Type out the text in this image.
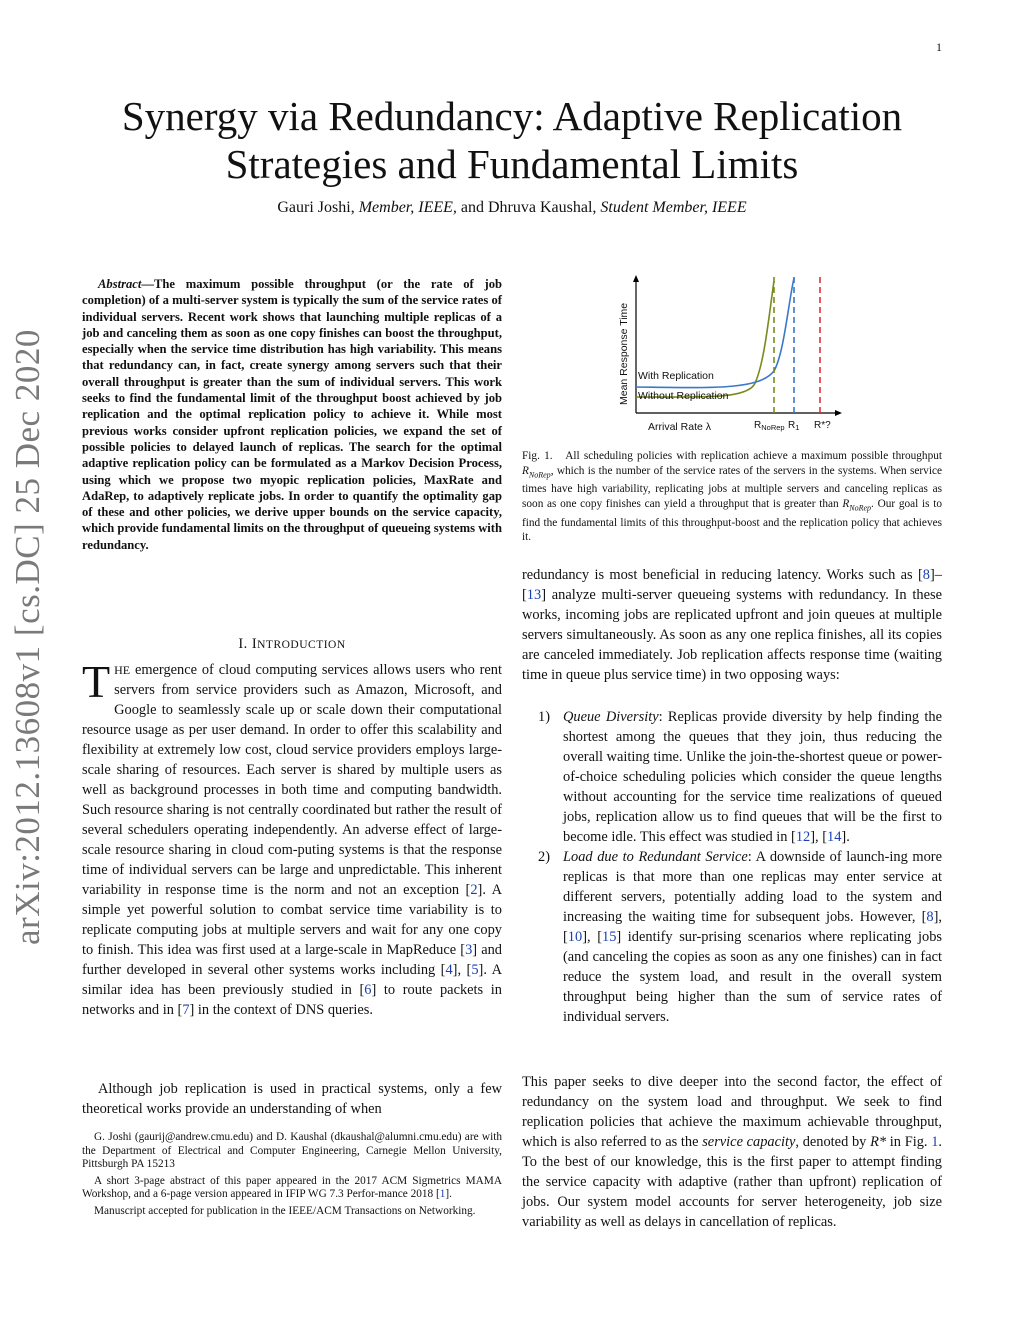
1
arXiv:2012.13608v1 [cs.DC] 25 Dec 2020
Synergy via Redundancy: Adaptive Replication
Strategies and Fundamental Limits
Gauri Joshi, Member, IEEE, and Dhruva Kaushal, Student Member, IEEE
Abstract—The maximum possible throughput (or the rate of job completion) of a multi-server system is typically the sum of the service rates of individual servers. Recent work shows that launching multiple replicas of a job and canceling them as soon as one copy finishes can boost the throughput, especially when the service time distribution has high variability. This means that redundancy can, in fact, create synergy among servers such that their overall throughput is greater than the sum of individual servers. This work seeks to find the fundamental limit of the throughput boost achieved by job replication and the optimal replication policy to achieve it. While most previous works consider upfront replication policies, we expand the set of possible policies to delayed launch of replicas. The search for the optimal adaptive replication policy can be formulated as a Markov Decision Process, using which we propose two myopic replication policies, MaxRate and AdaRep, to adaptively replicate jobs. In order to quantify the optimality gap of these and other policies, we derive upper bounds on the service capacity, which provide fundamental limits on the throughput of queueing systems with redundancy.
I. INTRODUCTION
THE emergence of cloud computing services allows users who rent servers from service providers such as Amazon, Microsoft, and Google to seamlessly scale up or scale down their computational resource usage as per user demand. In order to offer this scalability and flexibility at extremely low cost, cloud service providers employs large-scale sharing of resources. Each server is shared by multiple users as well as background processes in both time and computing bandwidth. Such resource sharing is not centrally coordinated but rather the result of several schedulers operating independently. An adverse effect of large-scale resource sharing in cloud com-puting systems is that the response time of individual servers can be large and unpredictable. This inherent variability in response time is the norm and not an exception [2]. A simple yet powerful solution to combat service time variability is to replicate computing jobs at multiple servers and wait for any one copy to finish. This idea was first used at a large-scale in MapReduce [3] and further developed in several other systems works including [4], [5]. A similar idea has been previously studied in [6] to route packets in networks and in [7] in the context of DNS queries.
Although job replication is used in practical systems, only a few theoretical works provide an understanding of when

G. Joshi (gaurij@andrew.cmu.edu) and D. Kaushal (dkaushal@alumni.cmu.edu) are with the Department of Electrical and Computer Engineering, Carnegie Mellon University, Pittsburgh PA 15213

A short 3-page abstract of this paper appeared in the 2017 ACM Sigmetrics MAMA Workshop, and a 6-page version appeared in IFIP WG 7.3 Perfor-mance 2018 [1].

Manuscript accepted for publication in the IEEE/ACM Transactions on Networking.

Mean Response Time
Arrival Rate λ
With Replication
Without Replication
$R_{NoRep}$ $R_1$ R*?
Fig. 1. All scheduling policies with replication achieve a maximum possible throughput $R_{NoRep}$, which is the number of the service rates of the servers in the systems. When service times have high variability, replicating jobs at multiple servers and canceling replicas as soon as one copy finishes can yield a throughput that is greater than $R_{NoRep}$. Our goal is to find the fundamental limits of this throughput-boost and the replication policy that achieves it.
redundancy is most beneficial in reducing latency. Works such as [8]–[13] analyze multi-server queueing systems with redundancy. In these works, incoming jobs are replicated upfront and join queues at multiple servers simultaneously. As soon as any one replica finishes, all its copies are canceled immediately. Job replication affects response time (waiting time in queue plus service time) in two opposing ways:
1) Queue Diversity: Replicas provide diversity by help finding the shortest among the queues that they join, thus reducing the overall waiting time. Unlike the join-the-shortest queue or power-of-choice scheduling policies which consider the queue lengths without accounting for the service time realizations of queued jobs, replication allow us to find queues that will be the first to become idle. This effect was studied in [12], [14].
2) Load due to Redundant Service: A downside of launch-ing more replicas is that more than one replicas may enter service at different servers, potentially adding load to the system and increasing the waiting time for subsequent jobs. However, [8], [10], [15] identify sur-prising scenarios where replicating jobs (and canceling the copies as soon as any one finishes) can in fact reduce the system load, and result in the overall system throughput being higher than the sum of service rates of individual servers.
This paper seeks to dive deeper into the second factor, the effect of redundancy on the system load and throughput. We seek to find replication policies that achieve the maximum achievable throughput, which is also referred to as the service capacity, denoted by R* in Fig. 1. To the best of our knowledge, this is the first paper to attempt finding the service capacity with adaptive (rather than upfront) replication of jobs. Our system model accounts for server heterogeneity, job size variability as well as delays in cancellation of replicas.
